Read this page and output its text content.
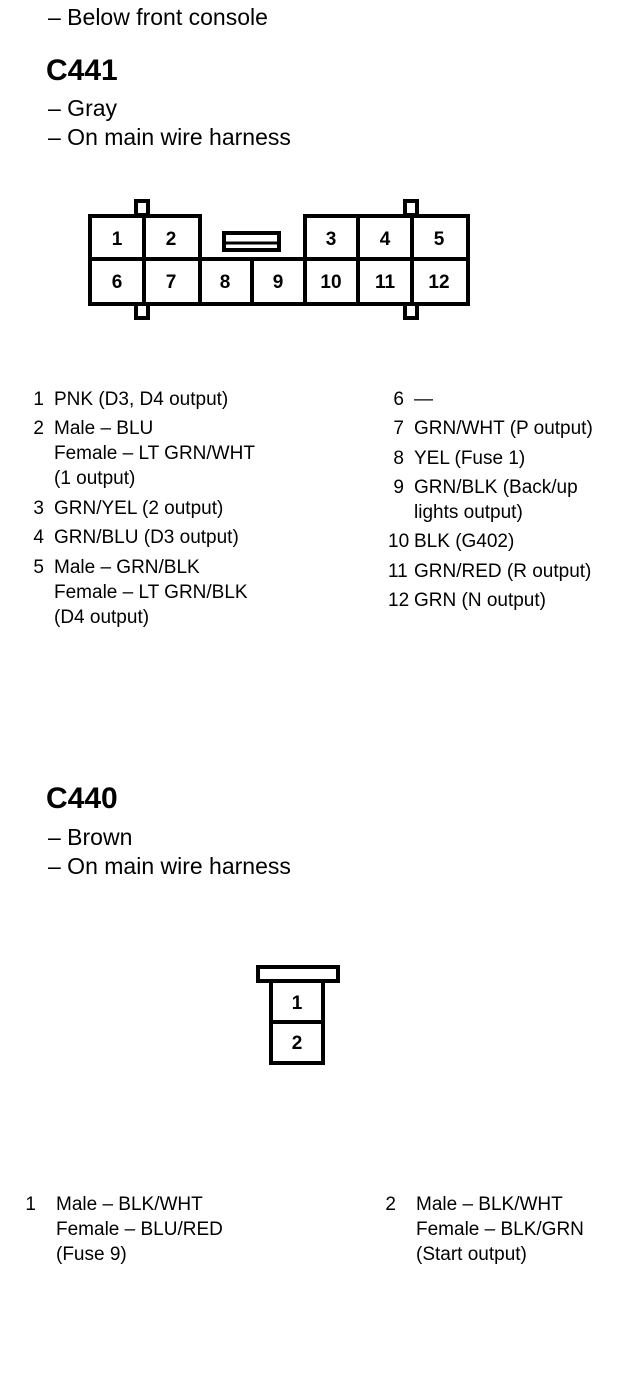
– Below front console
C441
– Gray
– On main wire harness
1 2	3 4 5
6 7 8 9 10 11 12
1
2
1 PNK (D3, D4 output)
2 Male – BLU
Female – LT GRN/WHT
(1 output)
3 GRN/YEL (2 output)
4 GRN/BLU (D3 output)
5 Male – GRN/BLK
Female – LT GRN/BLK
(D4 output)
6 —
7 GRN/WHT (P output)
8 YEL (Fuse 1)
9 GRN/BLK (Back/up
lights output)
10 BLK (G402)
11 GRN/RED (R output)
12 GRN (N output)
C440
– Brown
– On main wire harness
1 Male – BLK/WHT
Female – BLU/RED
(Fuse 9)
2 Male – BLK/WHT
Female – BLK/GRN
(Start output)
